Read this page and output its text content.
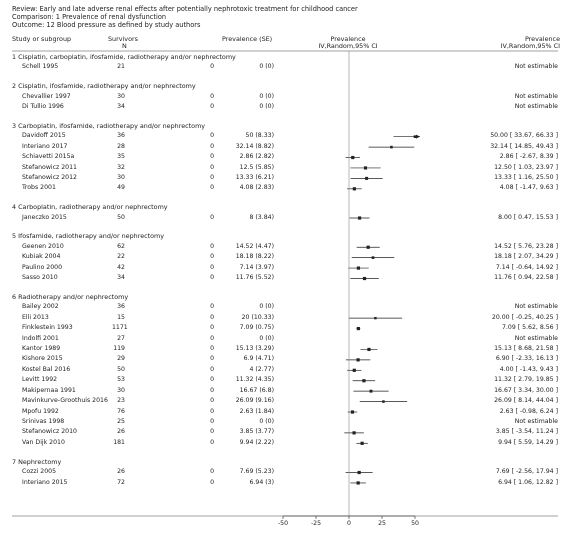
Review: Early and late adverse renal effects after potentially nephrotoxic treatment for childhood cancer
Comparison: 1 Prevalence of renal dysfunction
Outcome: 12 Blood pressure as defined by study authors
Study or subgroup	Survivors
N
Prevalence (SE)	Prevalence
IV,Random,95% CI
Prevalence
IV,Random,95% CI
1 Cisplatin, carboplatin, ifosfamide, radiotherapy and/or nephrectomy
Schell 1995	21	0	0 (0)	Not estimable
2 Cisplatin, ifosfamide, radiotherapy and/or nephrectomy
Chevallier 1997	30	0	0 (0)	Not estimable
Di Tullio 1996	34	0	0 (0)	Not estimable
3 Carboplatin, ifosfamide, radiotherapy and/or nephrectomy
Davidoff 2015	36	0	50 (8.33)	50.00 [ 33.67, 66.33 ]
Interiano 2017	28	0	32.14 (8.82)	32.14 [ 14.85, 49.43 ]
Schiavetti 2015a	35	0	2.86 (2.82)	2.86 [ -2.67, 8.39 ]
Stefanowicz 2011	32	0	12.5 (5.85)	12.50 [ 1.03, 23.97 ]
Stefanowicz 2012	30	0	13.33 (6.21)	13.33 [ 1.16, 25.50 ]
Trobs 2001	49	0	4.08 (2.83)	4.08 [ -1.47, 9.63 ]
4 Carboplatin, radiotherapy and/or nephrectomy
Janeczko 2015	50	0	8 (3.84)	8.00 [ 0.47, 15.53 ]
5 Ifosfamide, radiotherapy and/or nephrectomy
Geenen 2010	62	0	14.52 (4.47)	14.52 [ 5.76, 23.28 ]
Kubiak 2004	22	0	18.18 (8.22)	18.18 [ 2.07, 34.29 ]
Paulino 2000	42	0	7.14 (3.97)	7.14 [ -0.64, 14.92 ]
Sasso 2010	34	0	11.76 (5.52)	11.76 [ 0.94, 22.58 ]
6 Radiotherapy and/or nephrectomy
Bailey 2002	36	0	0 (0)	Not estimable
Elli 2013	15	0	20 (10.33)	20.00 [ -0.25, 40.25 ]
Finklestein 1993	1171	0	7.09 (0.75)	7.09 [ 5.62, 8.56 ]
Indolfi 2001	27	0	0 (0)	Not estimable
Kantor 1989	119	0	15.13 (3.29)	15.13 [ 8.68, 21.58 ]
Kishore 2015	29	0	6.9 (4.71)	6.90 [ -2.33, 16.13 ]
Kostel Bal 2016	50	0	4 (2.77)	4.00 [ -1.43, 9.43 ]
Levitt 1992	53	0	11.32 (4.35)	11.32 [ 2.79, 19.85 ]
Makipernaa 1991	30	0	16.67 (6.8)	16.67 [ 3.34, 30.00 ]
Mavinkurve-Groothuis 2016	23	0	26.09 (9.16)	26.09 [ 8.14, 44.04 ]
Mpofu 1992	76	0	2.63 (1.84)	2.63 [ -0.98, 6.24 ]
Srinivas 1998	25	0	0 (0)	Not estimable
Stefanowicz 2010	26	0	3.85 (3.77)	3.85 [ -3.54, 11.24 ]
Van Dijk 2010	181	0	9.94 (2.22)	9.94 [ 5.59, 14.29 ]
7 Nephrectomy
Cozzi 2005	26	0	7.69 (5.23)	7.69 [ -2.56, 17.94 ]
Interiano 2015	72	0	6.94 (3)	6.94 [ 1.06, 12.82 ]
-50	-25	0	25	50
